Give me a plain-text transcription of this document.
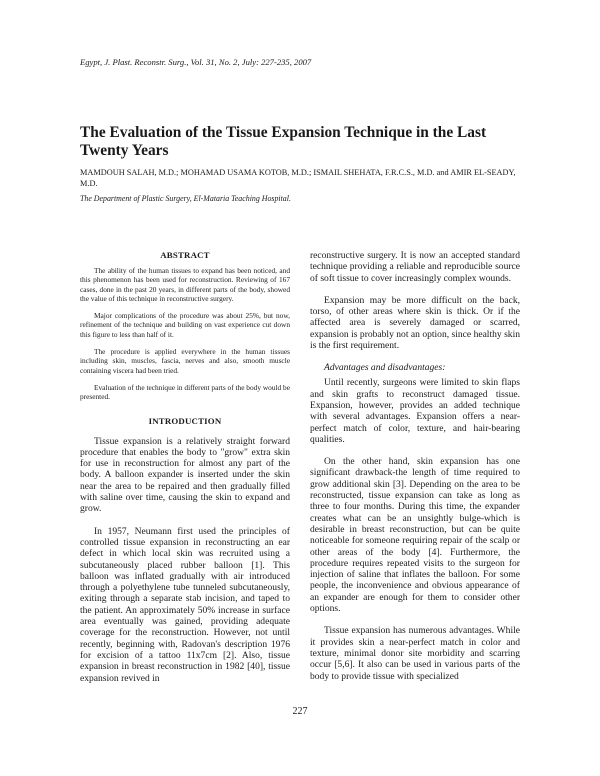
Egypt, J. Plast. Reconstr. Surg., Vol. 31, No. 2, July: 227-235, 2007
The Evaluation of the Tissue Expansion Technique in the Last Twenty Years
MAMDOUH SALAH, M.D.; MOHAMAD USAMA KOTOB, M.D.; ISMAIL SHEHATA, F.R.C.S., M.D. and AMIR EL-SEADY, M.D.
The Department of Plastic Surgery, El-Mataria Teaching Hospital.
ABSTRACT

The ability of the human tissues to expand has been noticed, and this phenomenon has been used for reconstruction. Reviewing of 167 cases, done in the past 20 years, in different parts of the body, showed the value of this technique in reconstructive surgery.

Major complications of the procedure was about 25%, but now, refinement of the technique and building on vast experience cut down this figure to less than half of it.

The procedure is applied everywhere in the human tissues including skin, muscles, fascia, nerves and also, smooth muscle containing viscera had been tried.

Evaluation of the technique in different parts of the body would be presented.

INTRODUCTION

Tissue expansion is a relatively straight forward procedure that enables the body to "grow" extra skin for use in reconstruction for almost any part of the body. A balloon expander is inserted under the skin near the area to be repaired and then gradually filled with saline over time, causing the skin to expand and grow.

In 1957, Neumann first used the principles of controlled tissue expansion in reconstructing an ear defect in which local skin was recruited using a subcutaneously placed rubber balloon [1]. This balloon was inflated gradually with air introduced through a polyethylene tube tunneled subcutaneously, exiting through a separate stab incision, and taped to the patient. An approximately 50% increase in surface area eventually was gained, providing adequate coverage for the reconstruction. However, not until recently, beginning with, Radovan's description 1976 for excision of a tattoo 11x7cm [2]. Also, tissue expansion in breast reconstruction in 1982 [40], tissue expansion revived in

reconstructive surgery. It is now an accepted standard technique providing a reliable and reproducible source of soft tissue to cover increasingly complex wounds.

Expansion may be more difficult on the back, torso, of other areas where skin is thick. Or if the affected area is severely damaged or scarred, expansion is probably not an option, since healthy skin is the first requirement.

Advantages and disadvantages:

Until recently, surgeons were limited to skin flaps and skin grafts to reconstruct damaged tissue. Expansion, however, provides an added technique with several advantages. Expansion offers a near-perfect match of color, texture, and hair-bearing qualities.

On the other hand, skin expansion has one significant drawback-the length of time required to grow additional skin [3]. Depending on the area to be reconstructed, tissue expansion can take as long as three to four months. During this time, the expander creates what can be an unsightly bulge-which is desirable in breast reconstruction, but can be quite noticeable for someone requiring repair of the scalp or other areas of the body [4]. Furthermore, the procedure requires repeated visits to the surgeon for injection of saline that inflates the balloon. For some people, the inconvenience and obvious appearance of an expander are enough for them to consider other options.

Tissue expansion has numerous advantages. While it provides skin a near-perfect match in color and texture, minimal donor site morbidity and scarring occur [5,6]. It also can be used in various parts of the body to provide tissue with specialized

227
